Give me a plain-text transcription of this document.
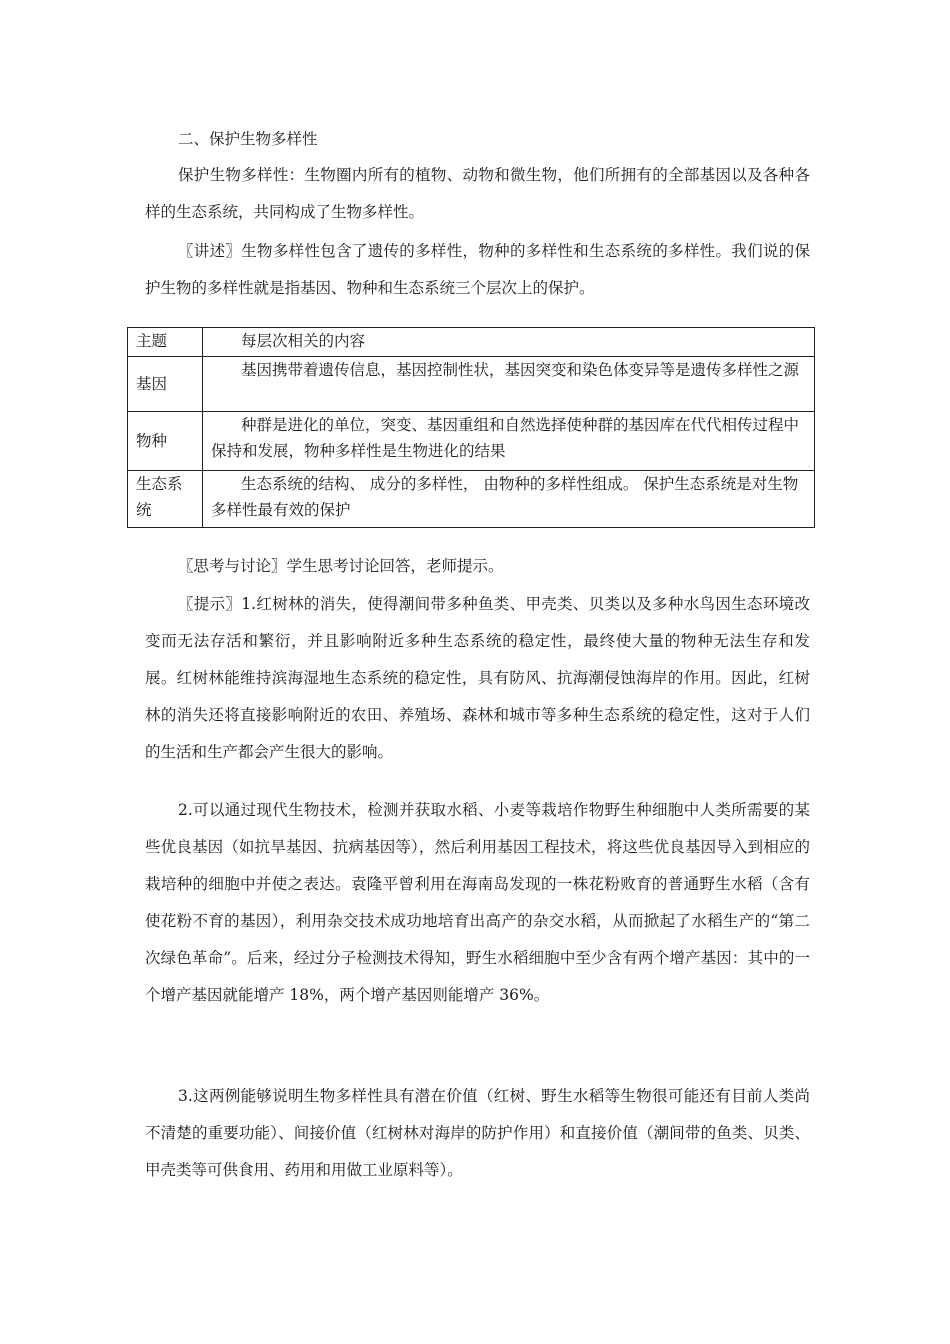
二、保护生物多样性

保护生物多样性：生物圈内所有的植物、动物和微生物，他们所拥有的全部基因以及各种各样的生态系统，共同构成了生物多样性。

〖讲述〗生物多样性包含了遗传的多样性，物种的多样性和生态系统的多样性。我们说的保护生物的多样性就是指基因、物种和生态系统三个层次上的保护。

主题	每层次相关的内容
基因	基因携带着遗传信息，基因控制性状，基因突变和染色体变异等是遗传多样性之源
物种	种群是进化的单位，突变、基因重组和自然选择使种群的基因库在代代相传过程中保持和发展，物种多样性是生物进化的结果
生态系统	生态系统的结构、 成分的多样性， 由物种的多样性组成。 保护生态系统是对生物多样性最有效的保护

〖思考与讨论〗学生思考讨论回答，老师提示。

〖提示〗1.红树林的消失，使得潮间带多种鱼类、甲壳类、贝类以及多种水鸟因生态环境改变而无法存活和繁衍，并且影响附近多种生态系统的稳定性，最终使大量的物种无法生存和发展。红树林能维持滨海湿地生态系统的稳定性，具有防风、抗海潮侵蚀海岸的作用。因此，红树林的消失还将直接影响附近的农田、养殖场、森林和城市等多种生态系统的稳定性，这对于人们的生活和生产都会产生很大的影响。

2.可以通过现代生物技术，检测并获取水稻、小麦等栽培作物野生种细胞中人类所需要的某些优良基因（如抗旱基因、抗病基因等），然后利用基因工程技术，将这些优良基因导入到相应的栽培种的细胞中并使之表达。袁隆平曾利用在海南岛发现的一株花粉败育的普通野生水稻（含有使花粉不育的基因），利用杂交技术成功地培育出高产的杂交水稻，从而掀起了水稻生产的“第二次绿色革命”。后来，经过分子检测技术得知，野生水稻细胞中至少含有两个增产基因：其中的一个增产基因就能增产 18%，两个增产基因则能增产 36%。

3.这两例能够说明生物多样性具有潜在价值（红树、野生水稻等生物很可能还有目前人类尚不清楚的重要功能）、间接价值（红树林对海岸的防护作用）和直接价值（潮间带的鱼类、贝类、甲壳类等可供食用、药用和用做工业原料等）。
